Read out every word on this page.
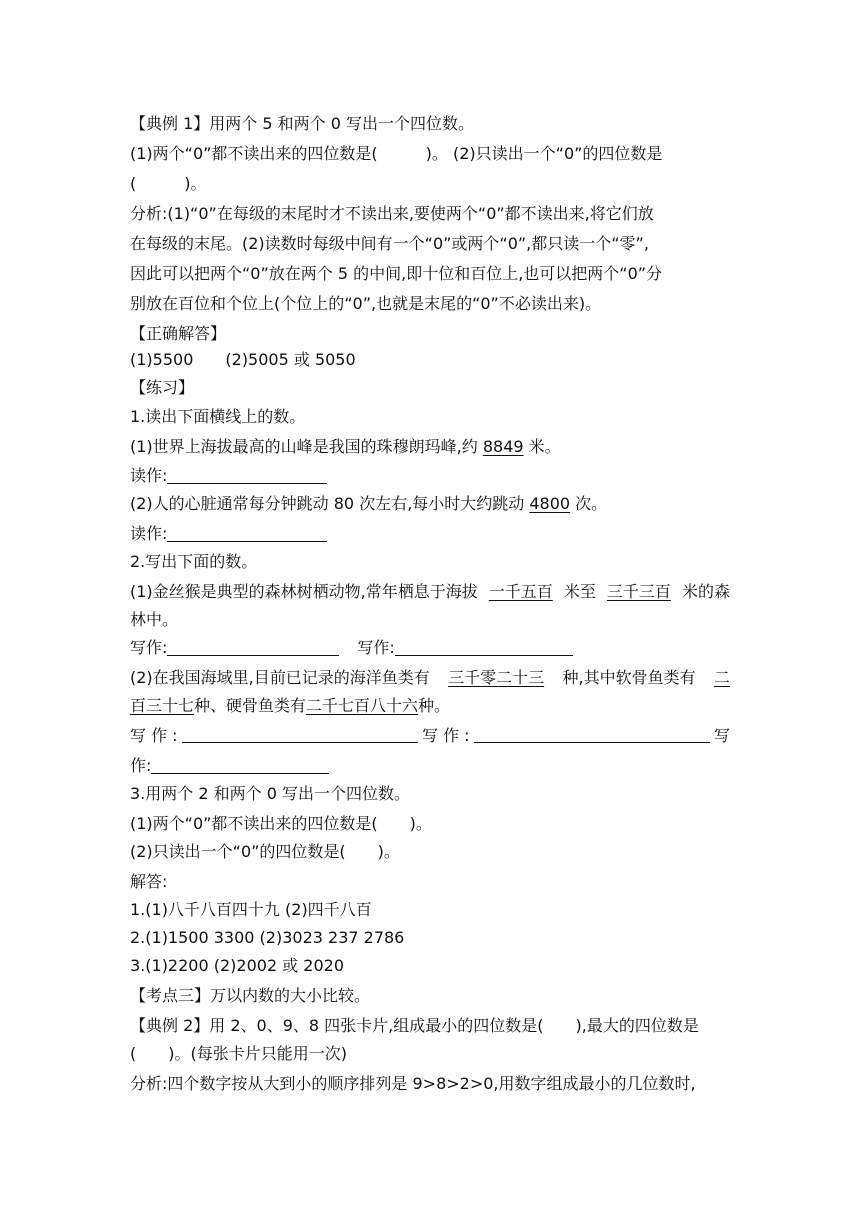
【典例 1】用两个 5 和两个 0 写出一个四位数。
(1)两个“0”都不读出来的四位数是(	)。 (2)只读出一个“0”的四位数是
(	)。
分析:(1)“0”在每级的末尾时才不读出来,要使两个“0”都不读出来,将它们放
在每级的末尾。(2)读数时每级中间有一个“0”或两个“0”,都只读一个“零”,
因此可以把两个“0”放在两个 5 的中间,即十位和百位上,也可以把两个“0”分
别放在百位和个位上(个位上的“0”,也就是末尾的“0”不必读出来)。
【正确解答】
(1)5500 (2)5005 或 5050
【练习】
1.读出下面横线上的数。
(1)世界上海拔最高的山峰是我国的珠穆朗玛峰,约 8849 米。
读作:
(2)人的心脏通常每分钟跳动 80 次左右,每小时大约跳动 4800 次。
读作:
2.写出下面的数。
(1)金丝猴是典型的森林树栖动物,常年栖息于海拔 一千五百 米至 三千三百 米的森
林中。
写作:	写作:
(2)在我国海域里,目前已记录的海洋鱼类有 三千零二十三 种,其中软骨鱼类有 二
百三十七种、硬骨鱼类有二千七百八十六种。
写 作 :	写 作 :	写
作:
3.用两个 2 和两个 0 写出一个四位数。
(1)两个“0”都不读出来的四位数是( )。
(2)只读出一个“0”的四位数是( )。
解答:
1.(1)八千八百四十九 (2)四千八百
2.(1)1500 3300 (2)3023 237 2786
3.(1)2200 (2)2002 或 2020
【考点三】万以内数的大小比较。
【典例 2】用 2、0、9、8 四张卡片,组成最小的四位数是( ),最大的四位数是
( )。(每张卡片只能用一次)
分析:四个数字按从大到小的顺序排列是 9>8>2>0,用数字组成最小的几位数时,
